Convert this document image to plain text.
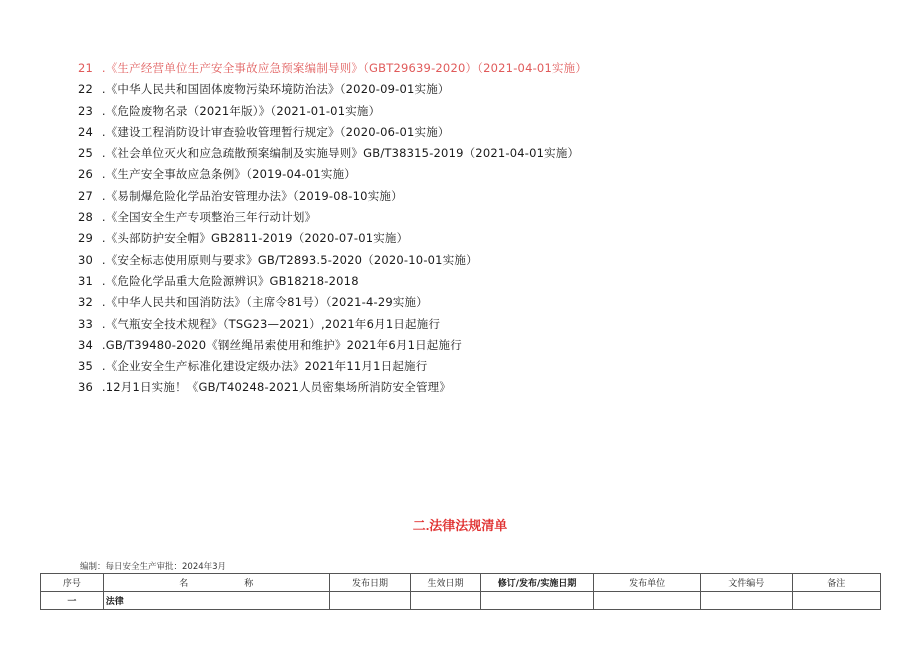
21 .《生产经营单位生产安全事故应急预案编制导则》（GBT29639-2020）（2021-04-01实施）
22 .《中华人民共和国固体废物污染环境防治法》（2020-09-01实施）
23 .《危险废物名录（2021年版）》（2021-01-01实施）
24 .《建设工程消防设计审查验收管理暂行规定》（2020-06-01实施）
25 .《社会单位灭火和应急疏散预案编制及实施导则》GB/T38315-2019（2021-04-01实施）
26 .《生产安全事故应急条例》（2019-04-01实施）
27 .《易制爆危险化学品治安管理办法》（2019-08-10实施）
28 .《全国安全生产专项整治三年行动计划》
29 .《头部防护安全帽》GB2811-2019（2020-07-01实施）
30 .《安全标志使用原则与要求》GB/T2893.5-2020（2020-10-01实施）
31 .《危险化学品重大危险源辨识》GB18218-2018
32 .《中华人民共和国消防法》（主席令81号）（2021-4-29实施）
33 .《气瓶安全技术规程》（TSG23—2021）,2021年6月1日起施行
34 .GB/T39480-2020《钢丝绳吊索使用和维护》2021年6月1日起施行
35 .《企业安全生产标准化建设定级办法》2021年11月1日起施行
36 .12月1日实施！《GB/T40248-2021人员密集场所消防安全管理》
二.法律法规清单
编制：每日安全生产审批：2024年3月
序号	名 称	发布日期	生效日期	修订/发布/实施日期	发布单位	文件编号	备注
一	法律						
